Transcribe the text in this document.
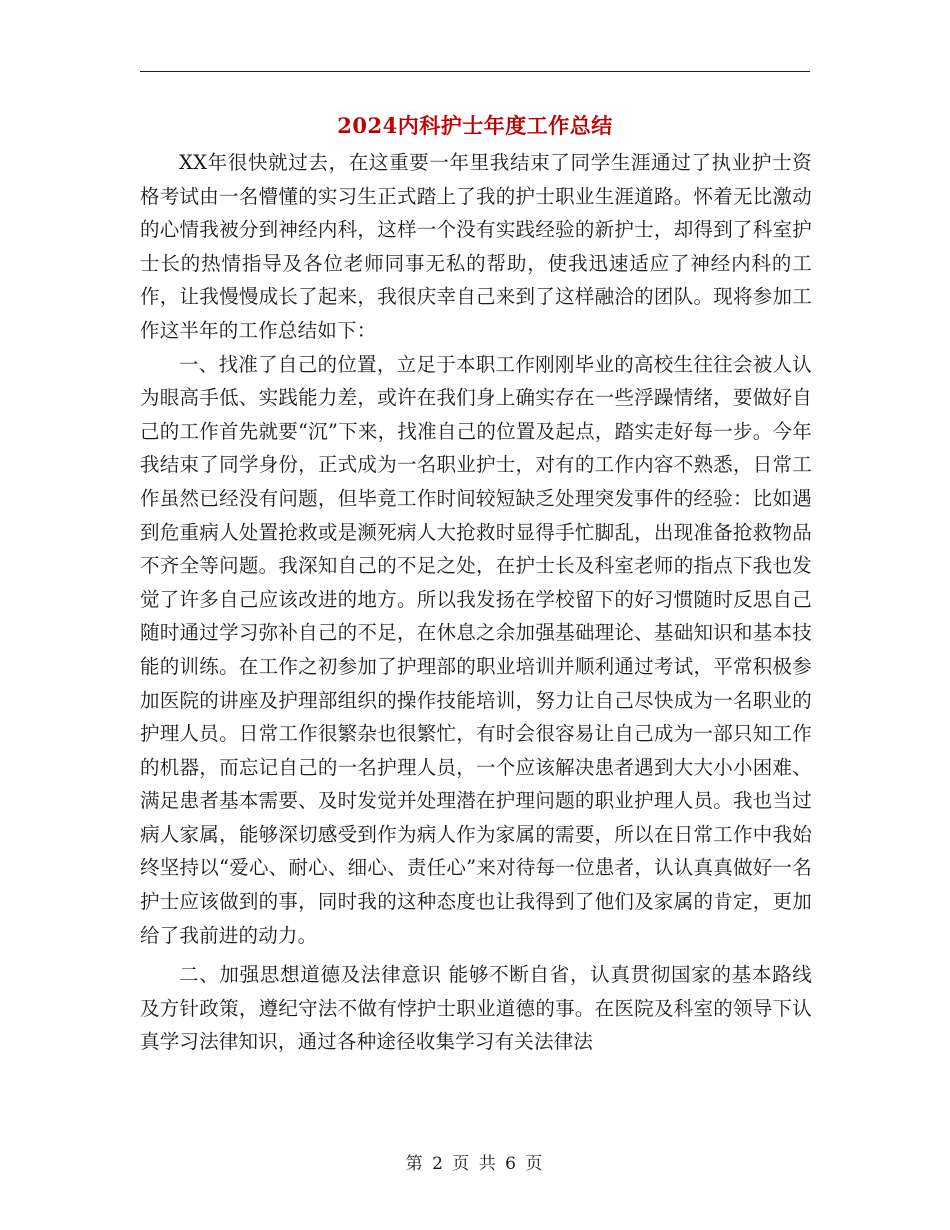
2024内科护士年度工作总结

XX年很快就过去，在这重要一年里我结束了同学生涯通过了执业护士资格考试由一名懵懂的实习生正式踏上了我的护士职业生涯道路。怀着无比激动的心情我被分到神经内科，这样一个没有实践经验的新护士，却得到了科室护士长的热情指导及各位老师同事无私的帮助，使我迅速适应了神经内科的工作，让我慢慢成长了起来，我很庆幸自己来到了这样融洽的团队。现将参加工作这半年的工作总结如下：

一、找准了自己的位置，立足于本职工作刚刚毕业的高校生往往会被人认为眼高手低、实践能力差，或许在我们身上确实存在一些浮躁情绪，要做好自己的工作首先就要“沉”下来，找准自己的位置及起点，踏实走好每一步。今年我结束了同学身份，正式成为一名职业护士，对有的工作内容不熟悉，日常工作虽然已经没有问题，但毕竟工作时间较短缺乏处理突发事件的经验：比如遇到危重病人处置抢救或是濒死病人大抢救时显得手忙脚乱，出现准备抢救物品不齐全等问题。我深知自己的不足之处，在护士长及科室老师的指点下我也发觉了许多自己应该改进的地方。所以我发扬在学校留下的好习惯随时反思自己随时通过学习弥补自己的不足，在休息之余加强基础理论、基础知识和基本技能的训练。在工作之初参加了护理部的职业培训并顺利通过考试，平常积极参加医院的讲座及护理部组织的操作技能培训，努力让自己尽快成为一名职业的护理人员。日常工作很繁杂也很繁忙，有时会很容易让自己成为一部只知工作的机器，而忘记自己的一名护理人员，一个应该解决患者遇到大大小小困难、满足患者基本需要、及时发觉并处理潜在护理问题的职业护理人员。我也当过病人家属，能够深切感受到作为病人作为家属的需要，所以在日常工作中我始终坚持以“爱心、耐心、细心、责任心”来对待每一位患者，认认真真做好一名护士应该做到的事，同时我的这种态度也让我得到了他们及家属的肯定，更加给了我前进的动力。

二、加强思想道德及法律意识 能够不断自省，认真贯彻国家的基本路线及方针政策，遵纪守法不做有悖护士职业道德的事。在医院及科室的领导下认真学习法律知识，通过各种途径收集学习有关法律法

第 2 页 共 6 页
